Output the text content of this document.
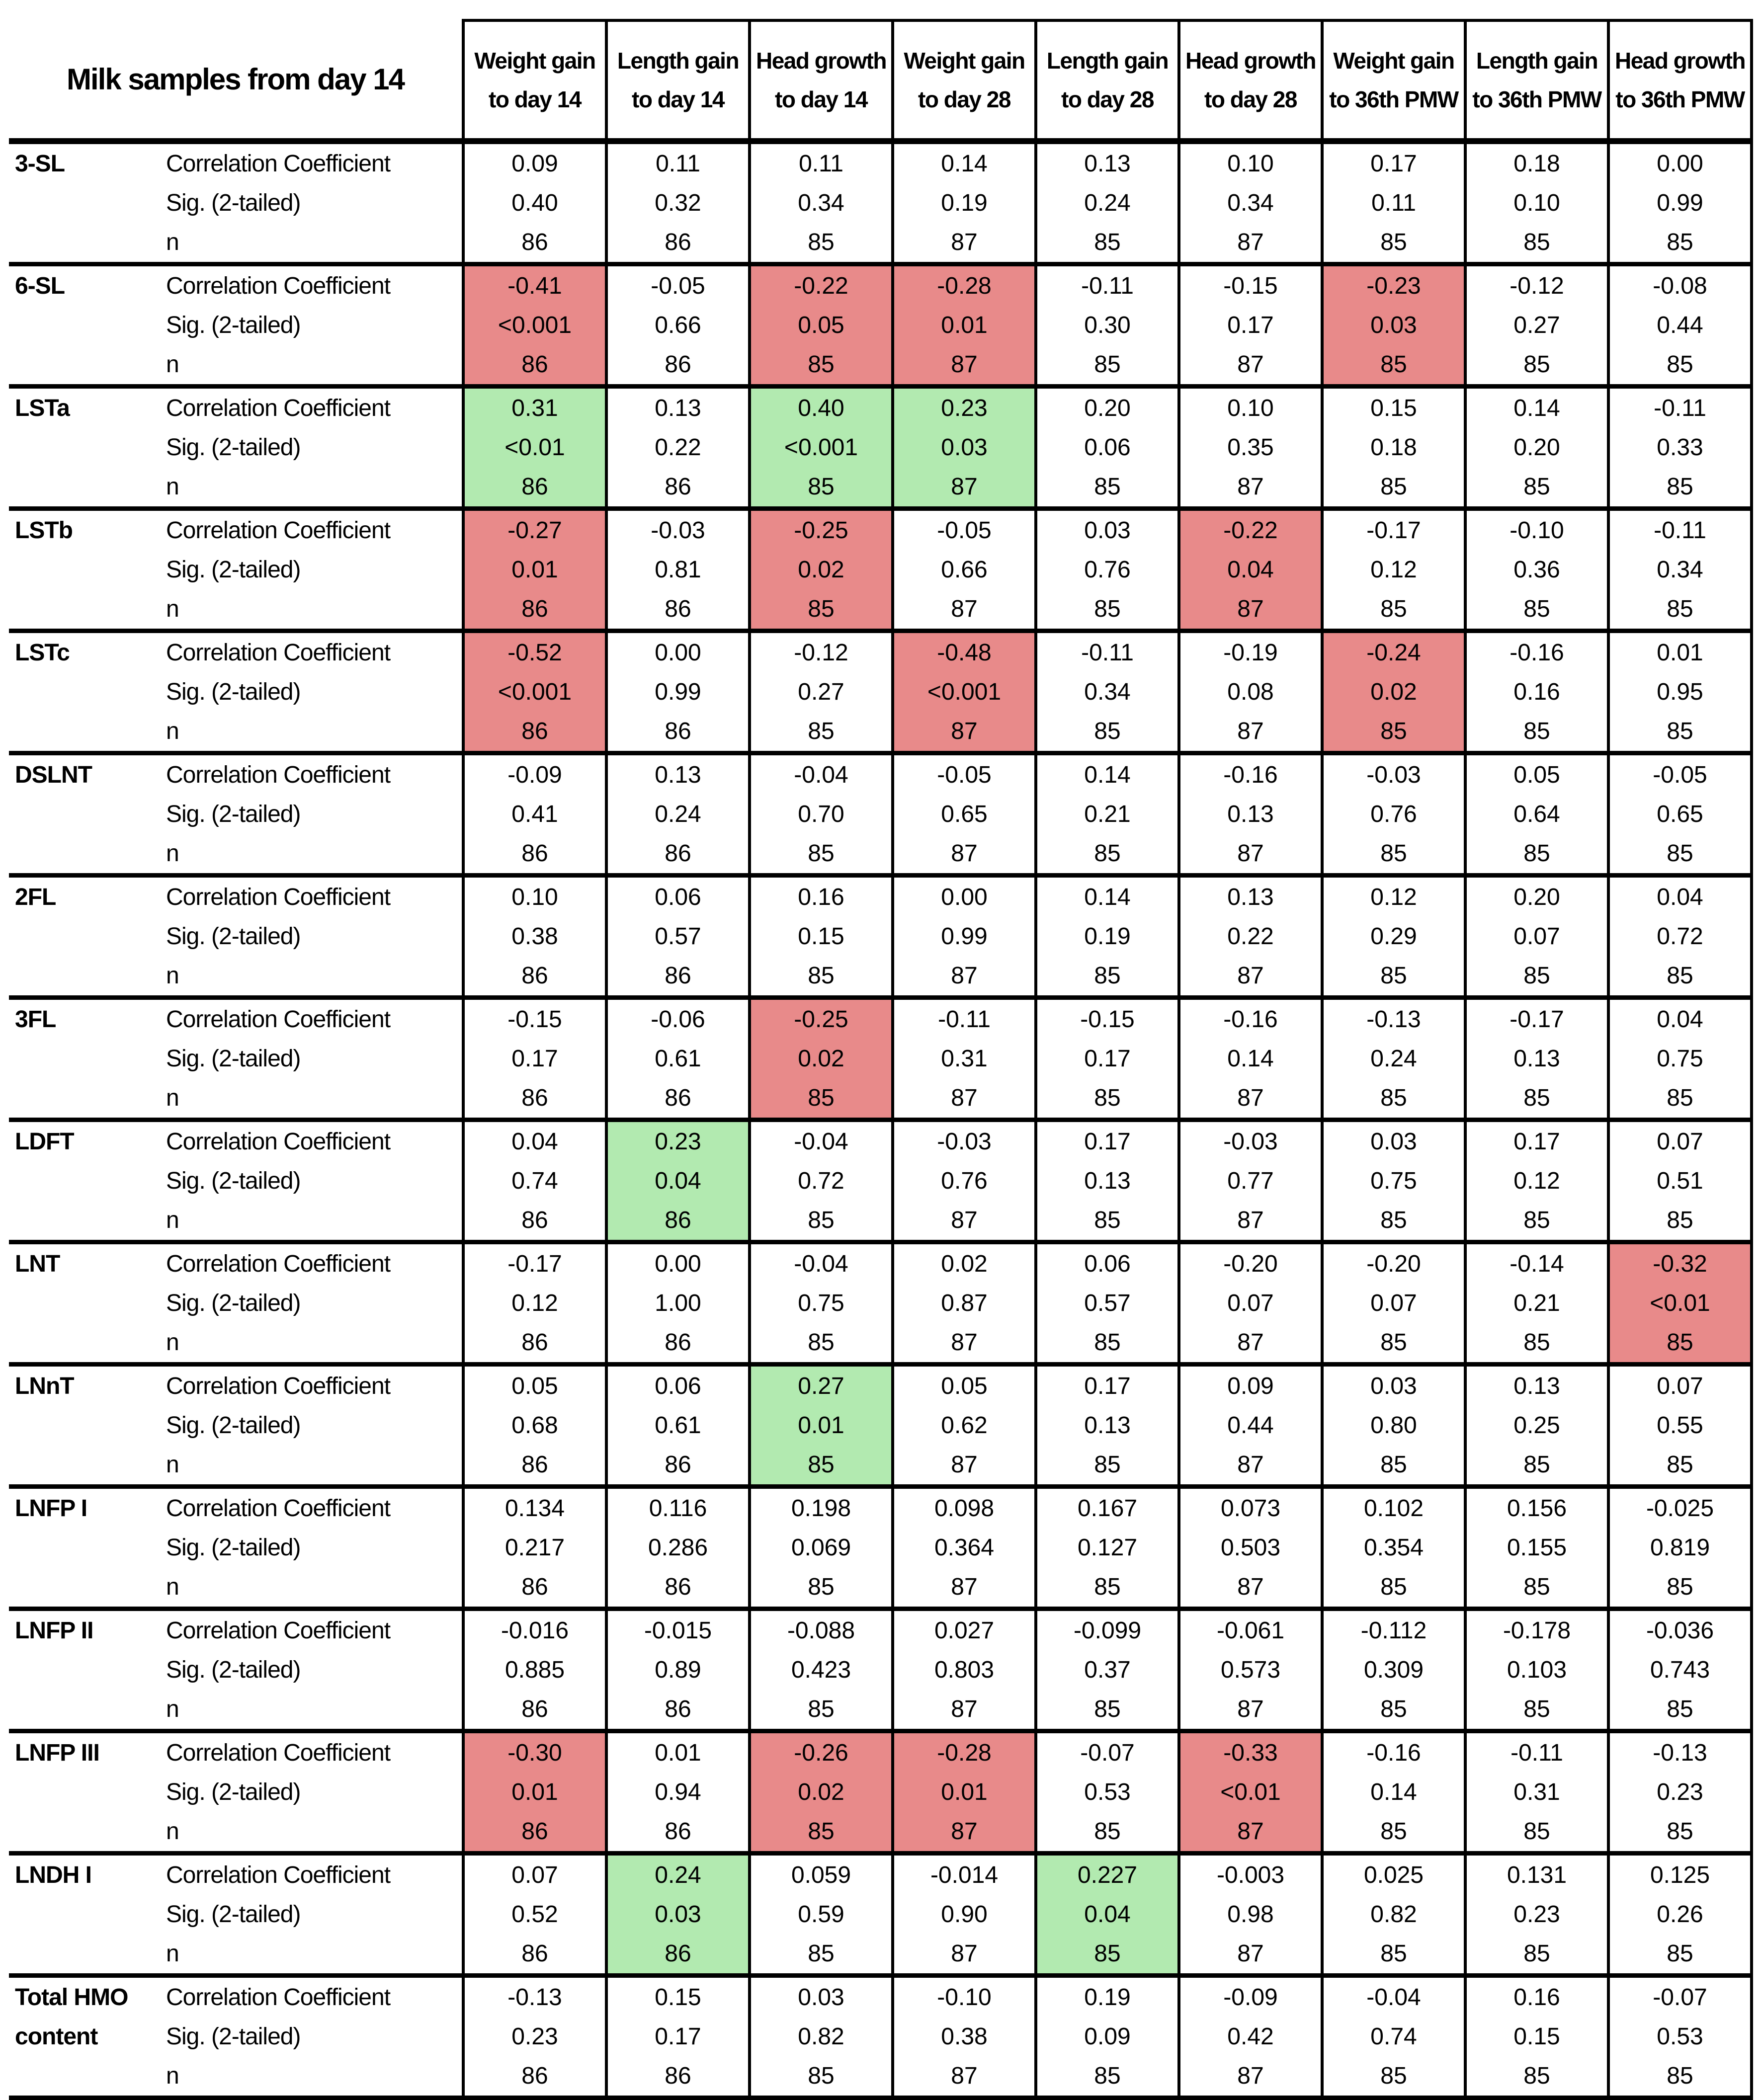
Milk samples from day 14		Weight gain to day 14	Length gain to day 14	Head growth to day 14	Weight gain to day 28	Length gain to day 28	Head growth to day 28	Weight gain to 36th PMW	Length gain to 36th PMW	Head growth to 36th PMW
3-SL	Correlation Coefficient	0.09	0.11	0.11	0.14	0.13	0.10	0.17	0.18	0.00
	Sig. (2-tailed)	0.40	0.32	0.34	0.19	0.24	0.34	0.11	0.10	0.99
	n	86	86	85	87	85	87	85	85	85
6-SL	Correlation Coefficient	-0.41	-0.05	-0.22	-0.28	-0.11	-0.15	-0.23	-0.12	-0.08
	Sig. (2-tailed)	<0.001	0.66	0.05	0.01	0.30	0.17	0.03	0.27	0.44
	n	86	86	85	87	85	87	85	85	85
LSTa	Correlation Coefficient	0.31	0.13	0.40	0.23	0.20	0.10	0.15	0.14	-0.11
	Sig. (2-tailed)	<0.01	0.22	<0.001	0.03	0.06	0.35	0.18	0.20	0.33
	n	86	86	85	87	85	87	85	85	85
LSTb	Correlation Coefficient	-0.27	-0.03	-0.25	-0.05	0.03	-0.22	-0.17	-0.10	-0.11
	Sig. (2-tailed)	0.01	0.81	0.02	0.66	0.76	0.04	0.12	0.36	0.34
	n	86	86	85	87	85	87	85	85	85
LSTc	Correlation Coefficient	-0.52	0.00	-0.12	-0.48	-0.11	-0.19	-0.24	-0.16	0.01
	Sig. (2-tailed)	<0.001	0.99	0.27	<0.001	0.34	0.08	0.02	0.16	0.95
	n	86	86	85	87	85	87	85	85	85
DSLNT	Correlation Coefficient	-0.09	0.13	-0.04	-0.05	0.14	-0.16	-0.03	0.05	-0.05
	Sig. (2-tailed)	0.41	0.24	0.70	0.65	0.21	0.13	0.76	0.64	0.65
	n	86	86	85	87	85	87	85	85	85
2FL	Correlation Coefficient	0.10	0.06	0.16	0.00	0.14	0.13	0.12	0.20	0.04
	Sig. (2-tailed)	0.38	0.57	0.15	0.99	0.19	0.22	0.29	0.07	0.72
	n	86	86	85	87	85	87	85	85	85
3FL	Correlation Coefficient	-0.15	-0.06	-0.25	-0.11	-0.15	-0.16	-0.13	-0.17	0.04
	Sig. (2-tailed)	0.17	0.61	0.02	0.31	0.17	0.14	0.24	0.13	0.75
	n	86	86	85	87	85	87	85	85	85
LDFT	Correlation Coefficient	0.04	0.23	-0.04	-0.03	0.17	-0.03	0.03	0.17	0.07
	Sig. (2-tailed)	0.74	0.04	0.72	0.76	0.13	0.77	0.75	0.12	0.51
	n	86	86	85	87	85	87	85	85	85
LNT	Correlation Coefficient	-0.17	0.00	-0.04	0.02	0.06	-0.20	-0.20	-0.14	-0.32
	Sig. (2-tailed)	0.12	1.00	0.75	0.87	0.57	0.07	0.07	0.21	<0.01
	n	86	86	85	87	85	87	85	85	85
LNnT	Correlation Coefficient	0.05	0.06	0.27	0.05	0.17	0.09	0.03	0.13	0.07
	Sig. (2-tailed)	0.68	0.61	0.01	0.62	0.13	0.44	0.80	0.25	0.55
	n	86	86	85	87	85	87	85	85	85
LNFP I	Correlation Coefficient	0.134	0.116	0.198	0.098	0.167	0.073	0.102	0.156	-0.025
	Sig. (2-tailed)	0.217	0.286	0.069	0.364	0.127	0.503	0.354	0.155	0.819
	n	86	86	85	87	85	87	85	85	85
LNFP II	Correlation Coefficient	-0.016	-0.015	-0.088	0.027	-0.099	-0.061	-0.112	-0.178	-0.036
	Sig. (2-tailed)	0.885	0.89	0.423	0.803	0.37	0.573	0.309	0.103	0.743
	n	86	86	85	87	85	87	85	85	85
LNFP III	Correlation Coefficient	-0.30	0.01	-0.26	-0.28	-0.07	-0.33	-0.16	-0.11	-0.13
	Sig. (2-tailed)	0.01	0.94	0.02	0.01	0.53	<0.01	0.14	0.31	0.23
	n	86	86	85	87	85	87	85	85	85
LNDH I	Correlation Coefficient	0.07	0.24	0.059	-0.014	0.227	-0.003	0.025	0.131	0.125
	Sig. (2-tailed)	0.52	0.03	0.59	0.90	0.04	0.98	0.82	0.23	0.26
	n	86	86	85	87	85	87	85	85	85
Total HMO content	Correlation Coefficient	-0.13	0.15	0.03	-0.10	0.19	-0.09	-0.04	0.16	-0.07
	Sig. (2-tailed)	0.23	0.17	0.82	0.38	0.09	0.42	0.74	0.15	0.53
	n	86	86	85	87	85	87	85	85	85
